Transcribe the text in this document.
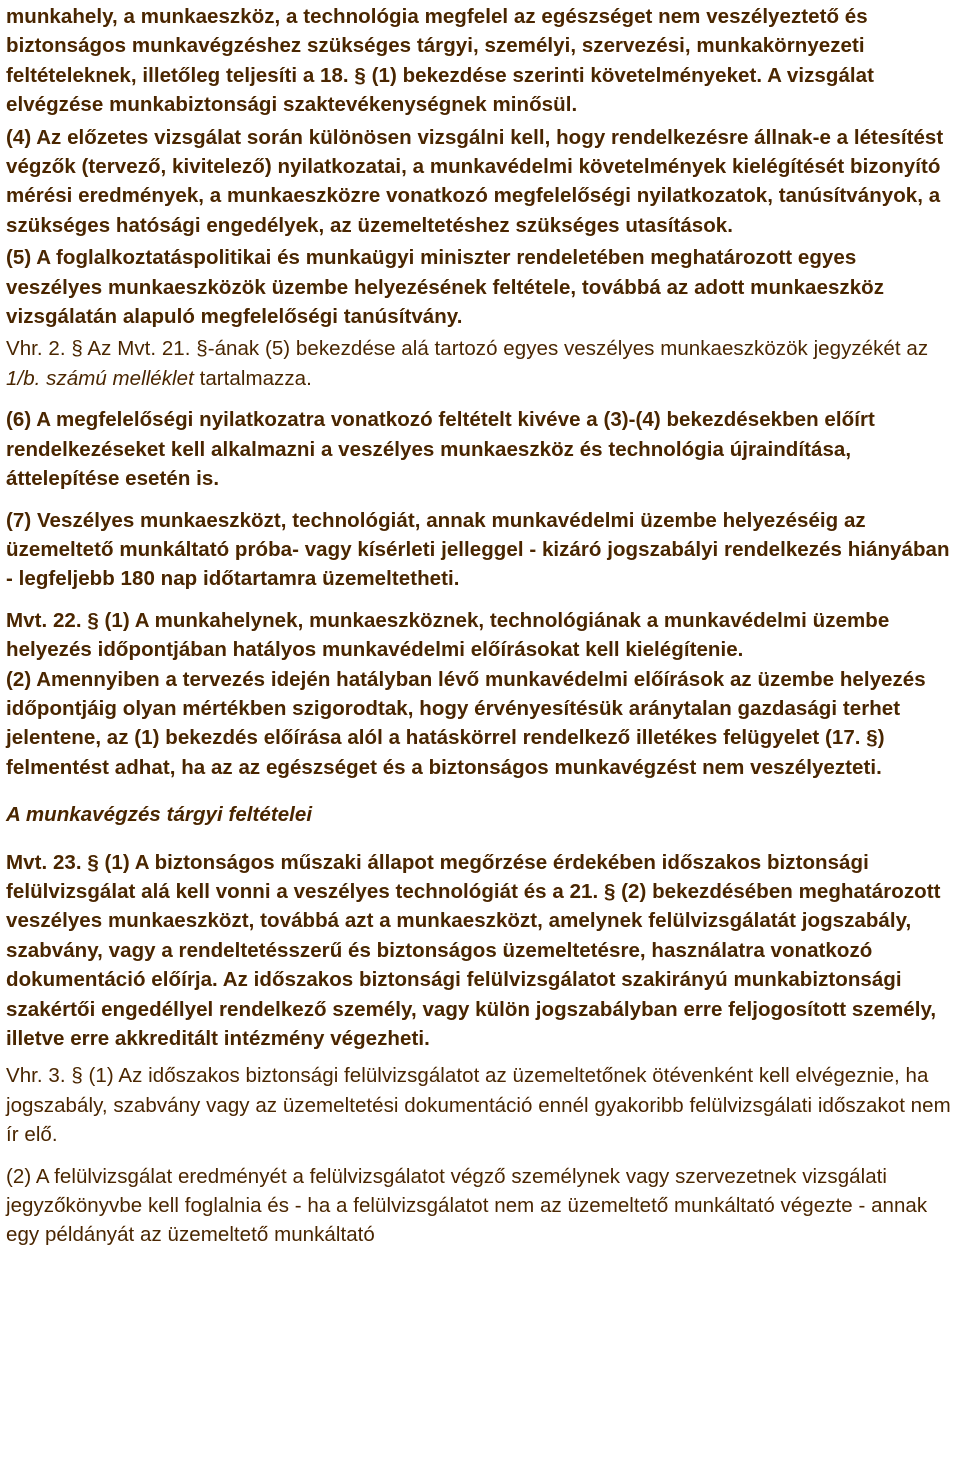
munkahely, a munkaeszköz, a technológia megfelel az egészséget nem veszélyeztető és biztonságos munkavégzéshez szükséges tárgyi, személyi, szervezési, munkakörnyezeti feltételeknek, illetőleg teljesíti a 18. § (1) bekezdése szerinti követelményeket. A vizsgálat elvégzése munkabiztonsági szaktevékenységnek minősül.

(4) Az előzetes vizsgálat során különösen vizsgálni kell, hogy rendelkezésre állnak-e a létesítést végzők (tervező, kivitelező) nyilatkozatai, a munkavédelmi követelmények kielégítését bizonyító mérési eredmények, a munkaeszközre vonatkozó megfelelőségi nyilatkozatok, tanúsítványok, a szükséges hatósági engedélyek, az üzemeltetéshez szükséges utasítások.

(5) A foglalkoztatáspolitikai és munkaügyi miniszter rendeletében meghatározott egyes veszélyes munkaeszközök üzembe helyezésének feltétele, továbbá az adott munkaeszköz vizsgálatán alapuló megfelelőségi tanúsítvány.

Vhr. 2. § Az Mvt. 21. §-ának (5) bekezdése alá tartozó egyes veszélyes munkaeszközök jegyzékét az 1/b. számú melléklet tartalmazza.

(6) A megfelelőségi nyilatkozatra vonatkozó feltételt kivéve a (3)-(4) bekezdésekben előírt rendelkezéseket kell alkalmazni a veszélyes munkaeszköz és technológia újraindítása, áttelepítése esetén is.

(7) Veszélyes munkaeszközt, technológiát, annak munkavédelmi üzembe helyezéséig az üzemeltető munkáltató próba- vagy kísérleti jelleggel - kizáró jogszabályi rendelkezés hiányában - legfeljebb 180 nap időtartamra üzemeltetheti.

Mvt. 22. § (1) A munkahelynek, munkaeszköznek, technológiának a munkavédelmi üzembe helyezés időpontjában hatályos munkavédelmi előírásokat kell kielégítenie.

(2) Amennyiben a tervezés idején hatályban lévő munkavédelmi előírások az üzembe helyezés időpontjáig olyan mértékben szigorodtak, hogy érvényesítésük aránytalan gazdasági terhet jelentene, az (1) bekezdés előírása alól a hatáskörrel rendelkező illetékes felügyelet (17. §) felmentést adhat, ha az az egészséget és a biztonságos munkavégzést nem veszélyezteti.

A munkavégzés tárgyi feltételei

Mvt. 23. § (1) A biztonságos műszaki állapot megőrzése érdekében időszakos biztonsági felülvizsgálat alá kell vonni a veszélyes technológiát és a 21. § (2) bekezdésében meghatározott veszélyes munkaeszközt, továbbá azt a munkaeszközt, amelynek felülvizsgálatát jogszabály, szabvány, vagy a rendeltetésszerű és biztonságos üzemeltetésre, használatra vonatkozó dokumentáció előírja. Az időszakos biztonsági felülvizsgálatot szakirányú munkabiztonsági szakértői engedéllyel rendelkező személy, vagy külön jogszabályban erre feljogosított személy, illetve erre akkreditált intézmény végezheti.

Vhr. 3. § (1) Az időszakos biztonsági felülvizsgálatot az üzemeltetőnek ötévenként kell elvégeznie, ha jogszabály, szabvány vagy az üzemeltetési dokumentáció ennél gyakoribb felülvizsgálati időszakot nem ír elő.

(2) A felülvizsgálat eredményét a felülvizsgálatot végző személynek vagy szervezetnek vizsgálati jegyzőkönyvbe kell foglalnia és - ha a felülvizsgálatot nem az üzemeltető munkáltató végezte - annak egy példányát az üzemeltető munkáltató
